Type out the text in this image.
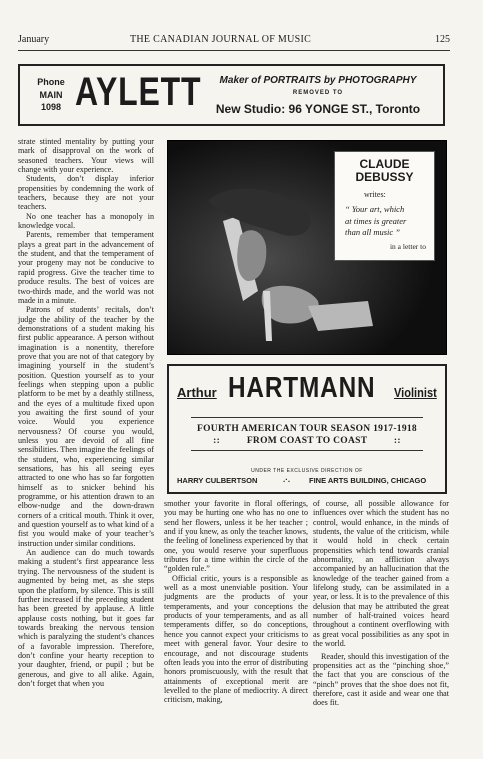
January	THE CANADIAN JOURNAL OF MUSIC	125
Phone
MAIN
1098 AYLETT	Maker of PORTRAITS by PHOTOGRAPHY
REMOVED TO
New Studio: 96 YONGE ST., Toronto

strate stinted mentality by putting your mark of disapproval on the work of seasoned teachers. Your views will change with your experience.

Students, don’t display inferior propensities by condemning the work of teachers, because they are not your teachers.

No one teacher has a monopoly in knowledge vocal.

Parents, remember that temperament plays a great part in the advancement of the student, and that the temperament of your progeny may not be conducive to rapid progress. Give the teacher time to produce results. The best of voices are two-thirds made, and the world was not made in a minute.

Patrons of students’ recitals, don’t judge the ability of the teacher by the demonstrations of a student making his first public appearance. A person without imagination is a nonentity, therefore prove that you are not of that category by imagining yourself in the student’s position. Question yourself as to your feelings when stepping upon a public platform to be met by a deathly stillness, and the eyes of a multitude fixed upon you awaiting the first sound of your voice. Would you experience nervousness? Of course you would, unless you are devoid of all fine sensibilities. Then imagine the feelings of the student, who, experiencing similar sensations, has his all seeing eyes attracted to one who has so far forgotten himself as to snicker behind his programme, or his attention drawn to an elbow-nudge and the down-drawn corners of a critical mouth. Think it over, and question yourself as to what kind of a fist you would make of your teacher’s instruction under similar conditions.

An audience can do much towards making a student’s first appearance less trying. The nervousness of the student is augmented by being met, as she steps upon the platform, by silence. This is still further increased if the preceding student has been greeted by applause. A little applause costs nothing, but it goes far towards breaking the nervous tension which is paralyzing the student’s chances of a favorable impression. Therefore, don’t confine your hearty reception to your daughter, friend, or pupil ; but be generous, and give to all alike. Again, don’t forget that when you

CLAUDE
DEBUSSY
writes:
“ Your art, which
at times is greater
than all music ”
in a letter to
Arthur HARTMANN Violinist
FOURTH AMERICAN TOUR SEASON 1917-1918
::          FROM COAST TO COAST          ::
UNDER THE EXCLUSIVE DIRECTION OF
HARRY CULBERTSON	.·.	FINE ARTS BUILDING, CHICAGO

smother your favorite in floral offerings, you may be hurting one who has no one to send her flowers, unless it be her teacher ; and if you knew, as only the teacher knows, the feeling of loneliness experienced by that one, you would reserve your superfluous tributes for a time within the circle of the “golden rule.”

Official critic, yours is a responsible as well as a most unenviable position. Your judgments are the products of your temperaments, and your conceptions the products of your temperaments, and as all temperaments differ, so do conceptions, hence you cannot expect your criticisms to meet with general favor. Your desire to encourage, and not discourage students often leads you into the error of distributing honors promiscuously, with the result that attainments of exceptional merit are levelled to the plane of mediocrity. A direct criticism, making,

of course, all possible allowance for influences over which the student has no control, would enhance, in the minds of students, the value of the criticism, while it would hold in check certain propensities which tend towards cranial abnormality, an affliction always accompanied by an hallucination that the knowledge of the teacher gained from a lifelong study, can be assimilated in a year, or less. It is to the prevalence of this delusion that may be attributed the great number of half-trained voices heard throughout a continent overflowing with as great vocal possibilities as any spot in the world.

Reader, should this investigation of the propensities act as the “pinching shoe,” the fact that you are conscious of the “pinch” proves that the shoe does not fit, therefore, cast it aside and wear one that does fit.
